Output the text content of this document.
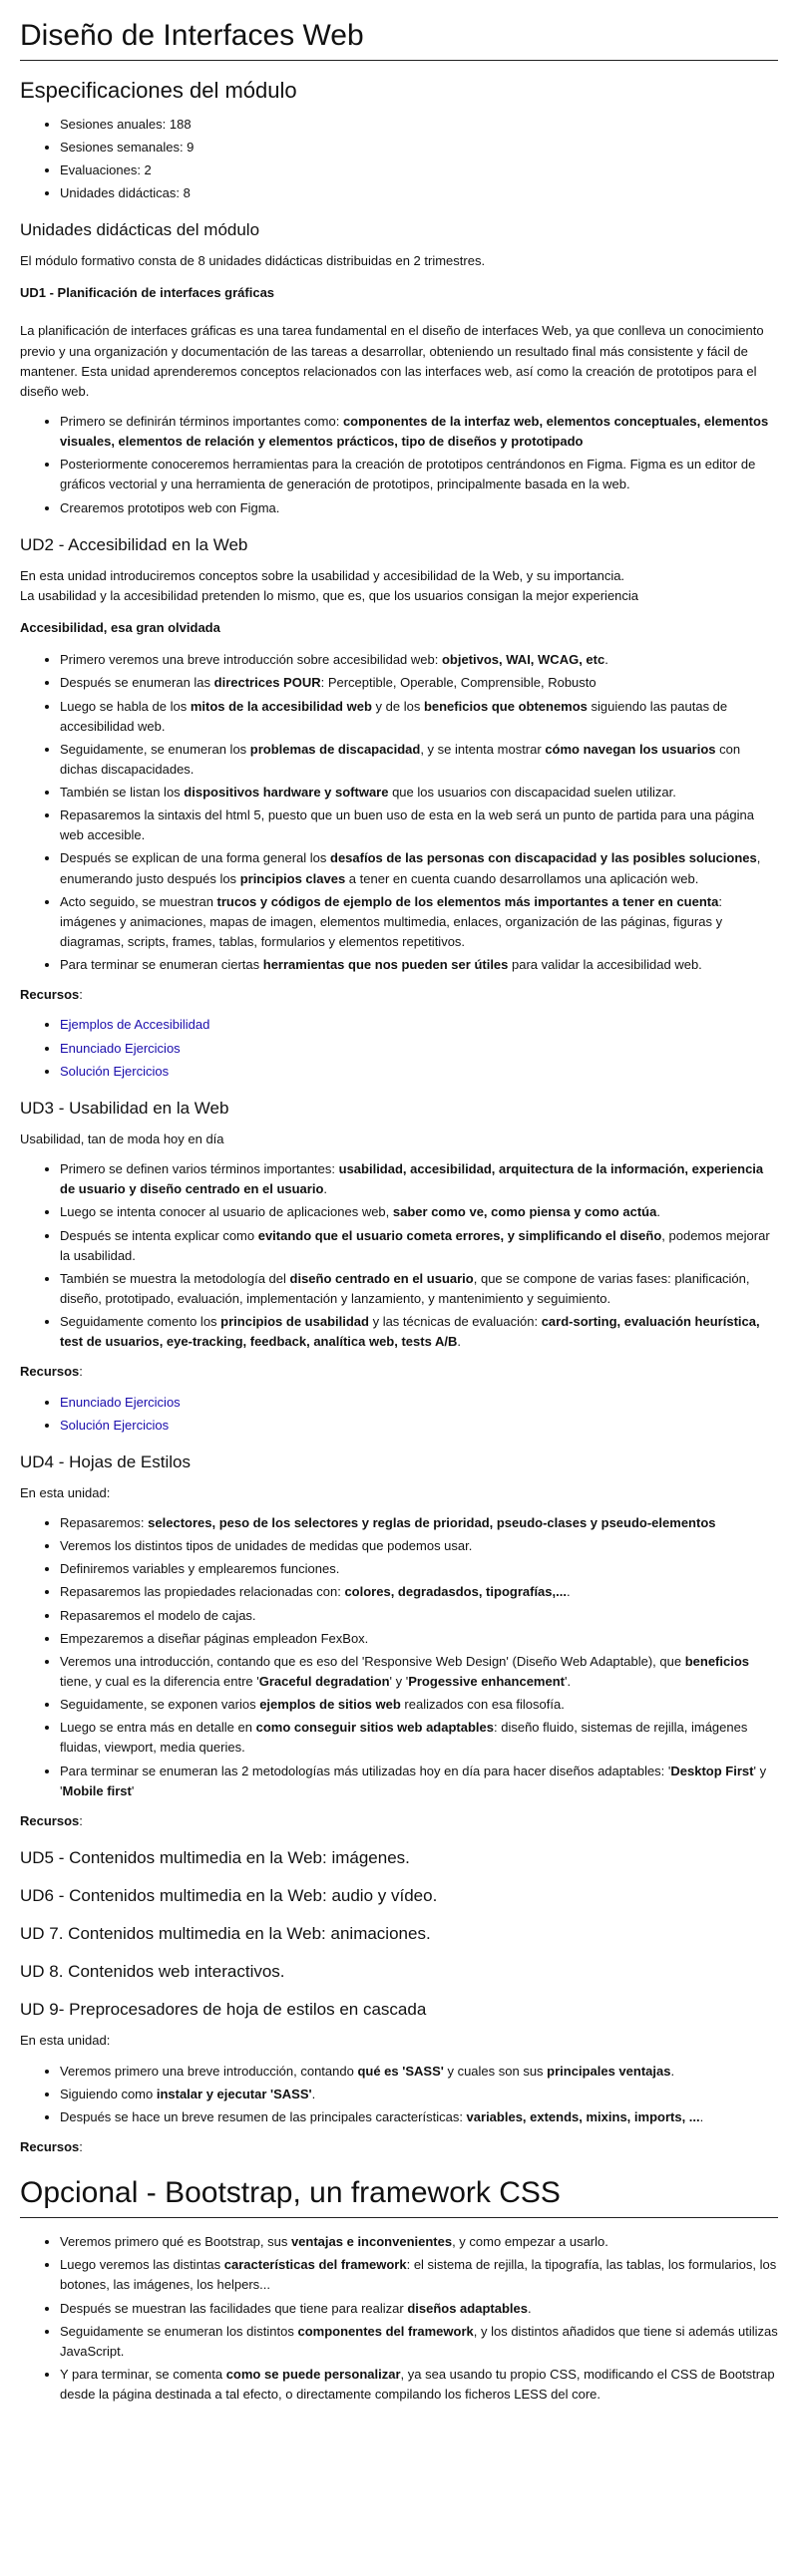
Diseño de Interfaces Web
Especificaciones del módulo
• Sesiones anuales: 188
• Sesiones semanales: 9
• Evaluaciones: 2
• Unidades didácticas: 8
Unidades didácticas del módulo

El módulo formativo consta de 8 unidades didácticas distribuidas en 2 trimestres.

UD1 - Planificación de interfaces gráficas

La planificación de interfaces gráficas es una tarea fundamental en el diseño de interfaces Web, ya que conlleva un conocimiento previo y una organización y documentación de las tareas a desarrollar, obteniendo un resultado final más consistente y fácil de mantener. Esta unidad aprenderemos conceptos relacionados con las interfaces web, así como la creación de prototipos para el diseño web.

• Primero se definirán términos importantes como: componentes de la interfaz web, elementos conceptuales, elementos visuales, elementos de relación y elementos prácticos, tipo de diseños y prototipado
• Posteriormente conoceremos herramientas para la creación de prototipos centrándonos en Figma. Figma es un editor de gráficos vectorial y una herramienta de generación de prototipos, principalmente basada en la web.
• Crearemos prototipos web con Figma.
UD2 - Accesibilidad en la Web

En esta unidad introduciremos conceptos sobre la usabilidad y accesibilidad de la Web, y su importancia.
La usabilidad y la accesibilidad pretenden lo mismo, que es, que los usuarios consigan la mejor experiencia

Accesibilidad, esa gran olvidada

• Primero veremos una breve introducción sobre accesibilidad web: objetivos, WAI, WCAG, etc.
• Después se enumeran las directrices POUR: Perceptible, Operable, Comprensible, Robusto
• Luego se habla de los mitos de la accesibilidad web y de los beneficios que obtenemos siguiendo las pautas de accesibilidad web.
• Seguidamente, se enumeran los problemas de discapacidad, y se intenta mostrar cómo navegan los usuarios con dichas discapacidades.
• También se listan los dispositivos hardware y software que los usuarios con discapacidad suelen utilizar.
• Repasaremos la sintaxis del html 5, puesto que un buen uso de esta en la web será un punto de partida para una página web accesible.
• Después se explican de una forma general los desafíos de las personas con discapacidad y las posibles soluciones, enumerando justo después los principios claves a tener en cuenta cuando desarrollamos una aplicación web.
• Acto seguido, se muestran trucos y códigos de ejemplo de los elementos más importantes a tener en cuenta: imágenes y animaciones, mapas de imagen, elementos multimedia, enlaces, organización de las páginas, figuras y diagramas, scripts, frames, tablas, formularios y elementos repetitivos.
• Para terminar se enumeran ciertas herramientas que nos pueden ser útiles para validar la accesibilidad web.

Recursos:

• Ejemplos de Accesibilidad
• Enunciado Ejercicios
• Solución Ejercicios
UD3 - Usabilidad en la Web

Usabilidad, tan de moda hoy en día

• Primero se definen varios términos importantes: usabilidad, accesibilidad, arquitectura de la información, experiencia de usuario y diseño centrado en el usuario.
• Luego se intenta conocer al usuario de aplicaciones web, saber como ve, como piensa y como actúa.
• Después se intenta explicar como evitando que el usuario cometa errores, y simplificando el diseño, podemos mejorar la usabilidad.
• También se muestra la metodología del diseño centrado en el usuario, que se compone de varias fases: planificación, diseño, prototipado, evaluación, implementación y lanzamiento, y mantenimiento y seguimiento.
• Seguidamente comento los principios de usabilidad y las técnicas de evaluación: card-sorting, evaluación heurística, test de usuarios, eye-tracking, feedback, analítica web, tests A/B.

Recursos:

• Enunciado Ejercicios
• Solución Ejercicios
UD4 - Hojas de Estilos

En esta unidad:

• Repasaremos: selectores, peso de los selectores y reglas de prioridad, pseudo-clases y pseudo-elementos
• Veremos los distintos tipos de unidades de medidas que podemos usar.
• Definiremos variables y emplearemos funciones.
• Repasaremos las propiedades relacionadas con: colores, degradasdos, tipografías,....
• Repasaremos el modelo de cajas.
• Empezaremos a diseñar páginas empleadon FexBox.
• Veremos una introducción, contando que es eso del 'Responsive Web Design' (Diseño Web Adaptable), que beneficios tiene, y cual es la diferencia entre 'Graceful degradation' y 'Progessive enhancement'.
• Seguidamente, se exponen varios ejemplos de sitios web realizados con esa filosofía.
• Luego se entra más en detalle en como conseguir sitios web adaptables: diseño fluido, sistemas de rejilla, imágenes fluidas, viewport, media queries.
• Para terminar se enumeran las 2 metodologías más utilizadas hoy en día para hacer diseños adaptables: 'Desktop First' y 'Mobile first'

Recursos:

UD5 - Contenidos multimedia en la Web: imágenes.
UD6 - Contenidos multimedia en la Web: audio y vídeo.
UD 7. Contenidos multimedia en la Web: animaciones.
UD 8. Contenidos web interactivos.
UD 9- Preprocesadores de hoja de estilos en cascada

En esta unidad:

• Veremos primero una breve introducción, contando qué es 'SASS' y cuales son sus principales ventajas.
• Siguiendo como instalar y ejecutar 'SASS'.
• Después se hace un breve resumen de las principales características: variables, extends, mixins, imports, ....

Recursos:

Opcional - Bootstrap, un framework CSS
• Veremos primero qué es Bootstrap, sus ventajas e inconvenientes, y como empezar a usarlo.
• Luego veremos las distintas características del framework: el sistema de rejilla, la tipografía, las tablas, los formularios, los botones, las imágenes, los helpers...
• Después se muestran las facilidades que tiene para realizar diseños adaptables.
• Seguidamente se enumeran los distintos componentes del framework, y los distintos añadidos que tiene si además utilizas JavaScript.
• Y para terminar, se comenta como se puede personalizar, ya sea usando tu propio CSS, modificando el CSS de Bootstrap desde la página destinada a tal efecto, o directamente compilando los ficheros LESS del core.
